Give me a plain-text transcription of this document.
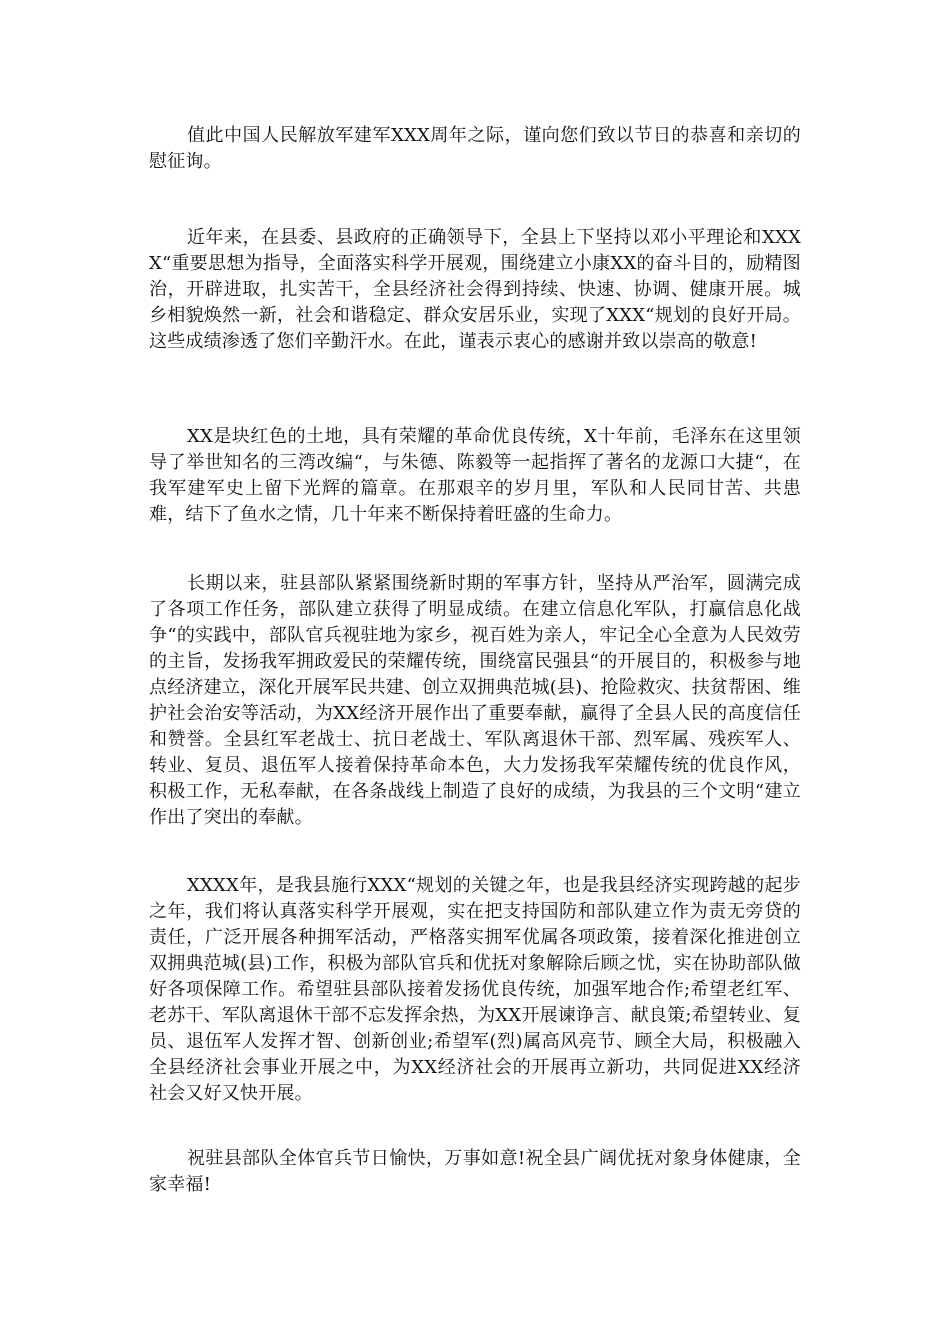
值此中国人民解放军建军XXX周年之际，谨向您们致以节日的恭喜和亲切的慰征询。

近年来，在县委、县政府的正确领导下，全县上下坚持以邓小平理论和XXXX“重要思想为指导，全面落实科学开展观，围绕建立小康XX的奋斗目的，励精图治，开辟进取，扎实苦干，全县经济社会得到持续、快速、协调、健康开展。城乡相貌焕然一新，社会和谐稳定、群众安居乐业，实现了XXX“规划的良好开局。这些成绩渗透了您们辛勤汗水。在此，谨表示衷心的感谢并致以崇高的敬意!

XX是块红色的土地，具有荣耀的革命优良传统，X十年前，毛泽东在这里领导了举世知名的三湾改编“，与朱德、陈毅等一起指挥了著名的龙源口大捷“，在我军建军史上留下光辉的篇章。在那艰辛的岁月里，军队和人民同甘苦、共患难，结下了鱼水之情，几十年来不断保持着旺盛的生命力。

长期以来，驻县部队紧紧围绕新时期的军事方针，坚持从严治军，圆满完成了各项工作任务，部队建立获得了明显成绩。在建立信息化军队，打赢信息化战争“的实践中，部队官兵视驻地为家乡，视百姓为亲人，牢记全心全意为人民效劳的主旨，发扬我军拥政爱民的荣耀传统，围绕富民强县“的开展目的，积极参与地点经济建立，深化开展军民共建、创立双拥典范城(县)、抢险救灾、扶贫帮困、维护社会治安等活动，为XX经济开展作出了重要奉献，赢得了全县人民的高度信任和赞誉。全县红军老战士、抗日老战士、军队离退休干部、烈军属、残疾军人、转业、复员、退伍军人接着保持革命本色，大力发扬我军荣耀传统的优良作风，积极工作，无私奉献，在各条战线上制造了良好的成绩，为我县的三个文明“建立作出了突出的奉献。

XXXX年，是我县施行XXX“规划的关键之年，也是我县经济实现跨越的起步之年，我们将认真落实科学开展观，实在把支持国防和部队建立作为责无旁贷的责任，广泛开展各种拥军活动，严格落实拥军优属各项政策，接着深化推进创立双拥典范城(县)工作，积极为部队官兵和优抚对象解除后顾之忧，实在协助部队做好各项保障工作。希望驻县部队接着发扬优良传统，加强军地合作;希望老红军、老苏干、军队离退休干部不忘发挥余热，为XX开展谏诤言、献良策;希望转业、复员、退伍军人发挥才智、创新创业;希望军(烈)属高风亮节、顾全大局，积极融入全县经济社会事业开展之中，为XX经济社会的开展再立新功，共同促进XX经济社会又好又快开展。

祝驻县部队全体官兵节日愉快，万事如意!祝全县广阔优抚对象身体健康，全家幸福!
